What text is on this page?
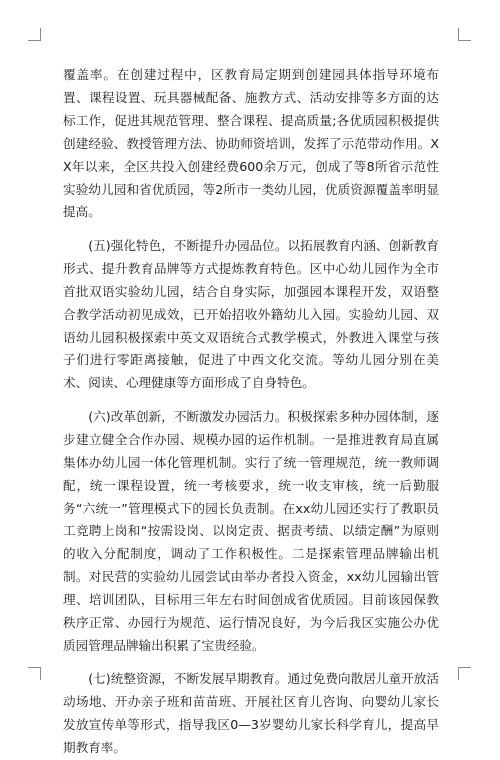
覆盖率。在创建过程中，区教育局定期到创建园具体指导环境布置、课程设置、玩具器械配备、施教方式、活动安排等多方面的达标工作，促进其规范管理、整合课程、提高质量;各优质园积极提供创建经验、教授管理方法、协助师资培训，发挥了示范带动作用。XX年以来，全区共投入创建经费600余万元，创成了等8所省示范性实验幼儿园和省优质园，等2所市一类幼儿园，优质资源覆盖率明显提高。

(五)强化特色，不断提升办园品位。以拓展教育内涵、创新教育形式、提升教育品牌等方式提炼教育特色。区中心幼儿园作为全市首批双语实验幼儿园，结合自身实际，加强园本课程开发，双语整合教学活动初见成效，已开始招收外籍幼儿入园。实验幼儿园、双语幼儿园积极探索中英文双语统合式教学模式，外教进入课堂与孩子们进行零距离接触，促进了中西文化交流。等幼儿园分别在美术、阅读、心理健康等方面形成了自身特色。

(六)改革创新，不断激发办园活力。积极探索多种办园体制，逐步建立健全合作办园、规模办园的运作机制。一是推进教育局直属集体办幼儿园一体化管理机制。实行了统一管理规范，统一教师调配，统一课程设置，统一考核要求，统一收支审核，统一后勤服务“六统一”管理模式下的园长负责制。在xx幼儿园还实行了教职员工竞聘上岗和“按需设岗、以岗定责、据责考绩、以绩定酬”为原则的收入分配制度，调动了工作积极性。二是探索管理品牌输出机制。对民营的实验幼儿园尝试由举办者投入资金，xx幼儿园输出管理、培训团队，目标用三年左右时间创成省优质园。目前该园保教秩序正常、办园行为规范、运行情况良好，为今后我区实施公办优质园管理品牌输出积累了宝贵经验。

(七)统整资源，不断发展早期教育。通过免费向散居儿童开放活动场地、开办亲子班和苗苗班、开展社区育儿咨询、向婴幼儿家长发放宣传单等形式，指导我区0—3岁婴幼儿家长科学育儿，提高早期教育率。
